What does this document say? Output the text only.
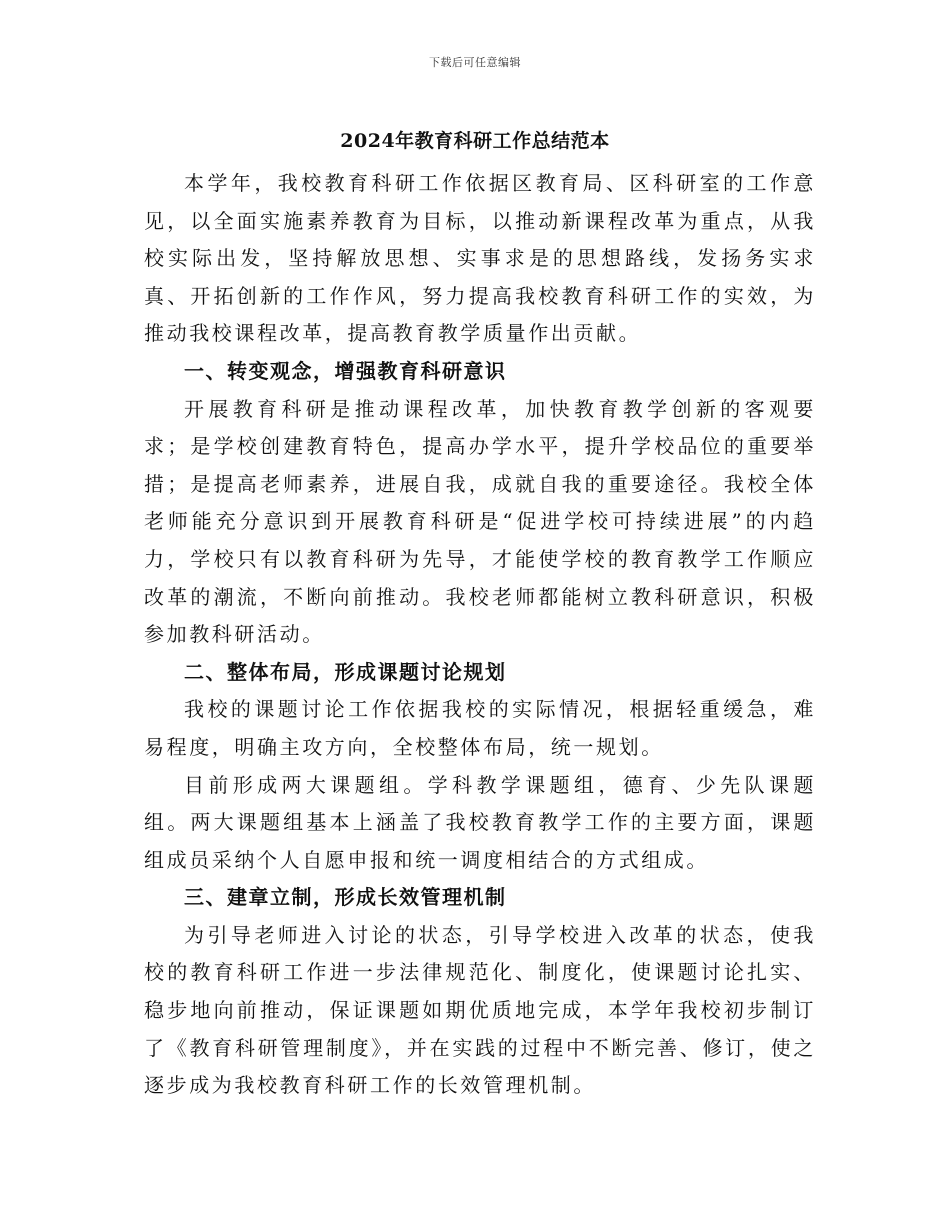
下载后可任意编辑
2024年教育科研工作总结范本

本学年，我校教育科研工作依据区教育局、区科研室的工作意见，以全面实施素养教育为目标，以推动新课程改革为重点，从我校实际出发，坚持解放思想、实事求是的思想路线，发扬务实求真、开拓创新的工作作风，努力提高我校教育科研工作的实效，为推动我校课程改革，提高教育教学质量作出贡献。

一、转变观念，增强教育科研意识

开展教育科研是推动课程改革，加快教育教学创新的客观要求；是学校创建教育特色，提高办学水平，提升学校品位的重要举措；是提高老师素养，进展自我，成就自我的重要途径。我校全体老师能充分意识到开展教育科研是“促进学校可持续进展”的内趋力，学校只有以教育科研为先导，才能使学校的教育教学工作顺应改革的潮流，不断向前推动。我校老师都能树立教科研意识，积极参加教科研活动。

二、整体布局，形成课题讨论规划

我校的课题讨论工作依据我校的实际情况，根据轻重缓急，难易程度，明确主攻方向，全校整体布局，统一规划。

目前形成两大课题组。学科教学课题组，德育、少先队课题组。两大课题组基本上涵盖了我校教育教学工作的主要方面，课题组成员采纳个人自愿申报和统一调度相结合的方式组成。

三、建章立制，形成长效管理机制

为引导老师进入讨论的状态，引导学校进入改革的状态，使我校的教育科研工作进一步法律规范化、制度化，使课题讨论扎实、稳步地向前推动，保证课题如期优质地完成，本学年我校初步制订了《教育科研管理制度》，并在实践的过程中不断完善、修订，使之逐步成为我校教育科研工作的长效管理机制。
